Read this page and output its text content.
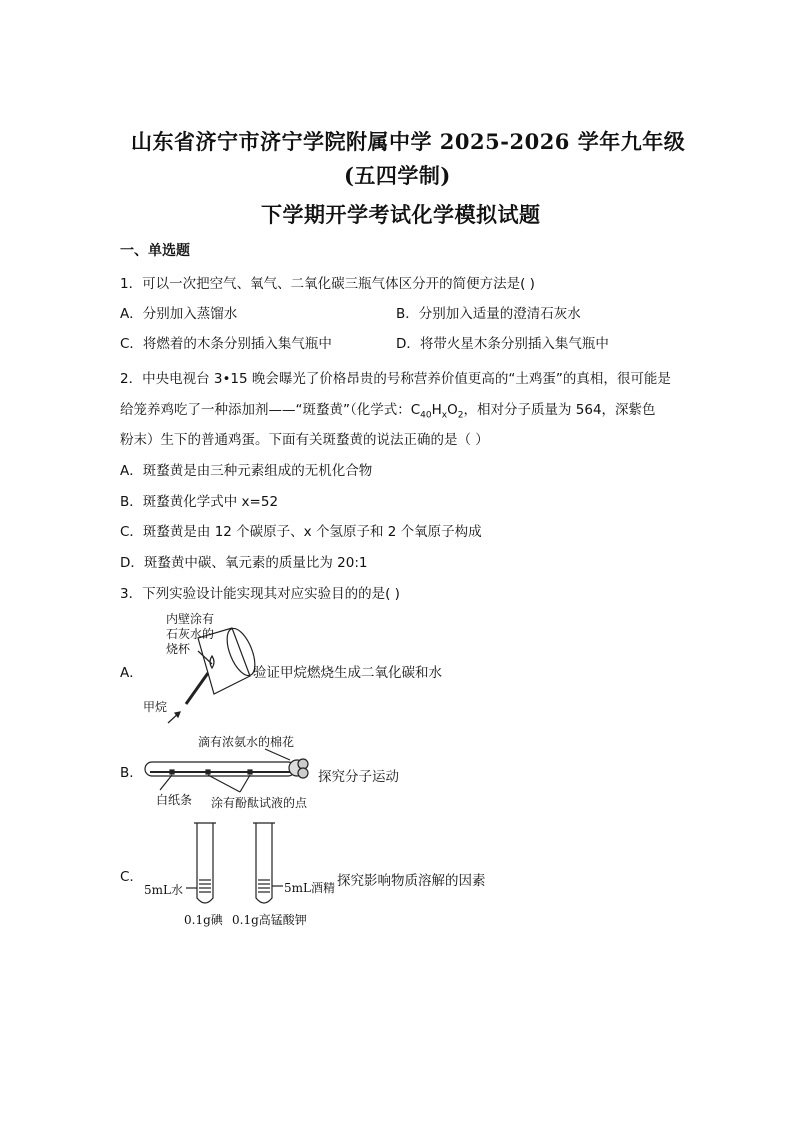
山东省济宁市济宁学院附属中学 2025-2026 学年九年级
(五四学制)
下学期开学考试化学模拟试题
一、单选题
1．可以一次把空气、氧气、二氧化碳三瓶气体区分开的简便方法是( )
A．分别加入蒸馏水	B．分别加入适量的澄清石灰水
C．将燃着的木条分别插入集气瓶中	D．将带火星木条分别插入集气瓶中
2．中央电视台 3•15 晚会曝光了价格昂贵的号称营养价值更高的“土鸡蛋”的真相，很可能是
给笼养鸡吃了一种添加剂——“斑蝥黄”（化学式：$C_{40}H_xO_2$，相对分子质量为 564，深紫色
粉末）生下的普通鸡蛋。下面有关斑蝥黄的说法正确的是（ ）
A．斑蝥黄是由三种元素组成的无机化合物
B．斑蝥黄化学式中 x=52
C．斑蝥黄是由 12 个碳原子、x 个氢原子和 2 个氧原子构成
D．斑蝥黄中碳、氧元素的质量比为 20:1
3．下列实验设计能实现其对应实验目的的是( )
A．
内壁涂有
石灰水的
烧杯
甲烷
验证甲烷燃烧生成二氧化碳和水
B.
滴有浓氨水的棉花
白纸条 涂有酚酞试液的点
探究分子运动
C.
5mL水	5mL酒精
0.1g碘 0.1g高锰酸钾
探究影响物质溶解的因素
